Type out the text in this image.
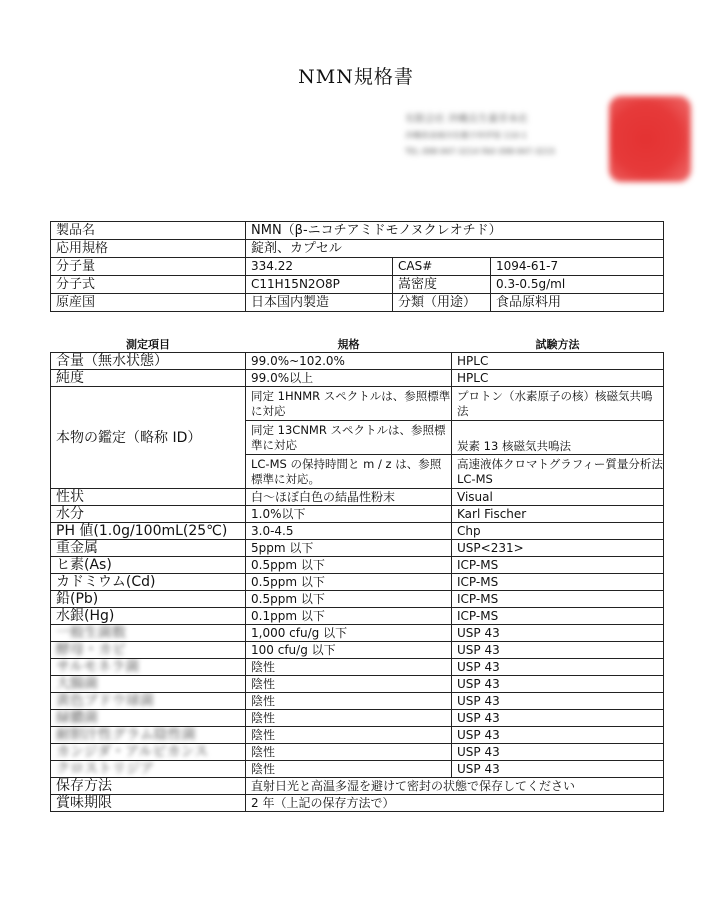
NMN規格書
有限会社 沖縄長生薬草本社
沖縄県南城市佐敷字仲伊保 110-1
TEL 098-947-3214 FAX 098-947-3215
製品名	NMN（β-ニコチアミドモノヌクレオチド）		
応用規格	錠剤、カプセル		
分子量	334.22	CAS#	1094-61-7
分子式	C11H15N2O8P	嵩密度	0.3-0.5g/ml
原産国	日本国内製造	分類（用途）	食品原料用
測定項目	規格	試験方法
含量（無水状態）	99.0%~102.0%	HPLC
純度	99.0%以上	HPLC
本物の鑑定（略称 ID）	同定 1HNMR スペクトルは、参照標準に対応	プロトン（水素原子の核）核磁気共鳴法
	同定 13CNMR スペクトルは、参照標準に対応	炭素 13 核磁気共鳴法
	LC-MS の保持時間と m / z は、参照標準に対応。	高速液体クロマトグラフィー質量分析法 LC-MS
性状	白～ほぼ白色の結晶性粉末	Visual
水分	1.0%以下	Karl Fischer
PH 値(1.0g/100mL(25℃)	3.0-4.5	Chp
重金属	5ppm 以下	USP<231>
ヒ素(As)	0.5ppm 以下	ICP-MS
カドミウム(Cd)	0.5ppm 以下	ICP-MS
鉛(Pb)	0.5ppm 以下	ICP-MS
水銀(Hg)	0.1ppm 以下	ICP-MS
一般生菌数	1,000 cfu/g 以下	USP 43
酵母・カビ	100 cfu/g 以下	USP 43
サルモネラ菌	陰性	USP 43
大腸菌	陰性	USP 43
黄色ブドウ球菌	陰性	USP 43
緑膿菌	陰性	USP 43
耐胆汁性グラム陰性菌	陰性	USP 43
カンジダ・アルビカンス	陰性	USP 43
クロストリジア	陰性	USP 43
保存方法	直射日光と高温多湿を避けて密封の状態で保存してください	
賞味期限	2 年（上記の保存方法で）	
